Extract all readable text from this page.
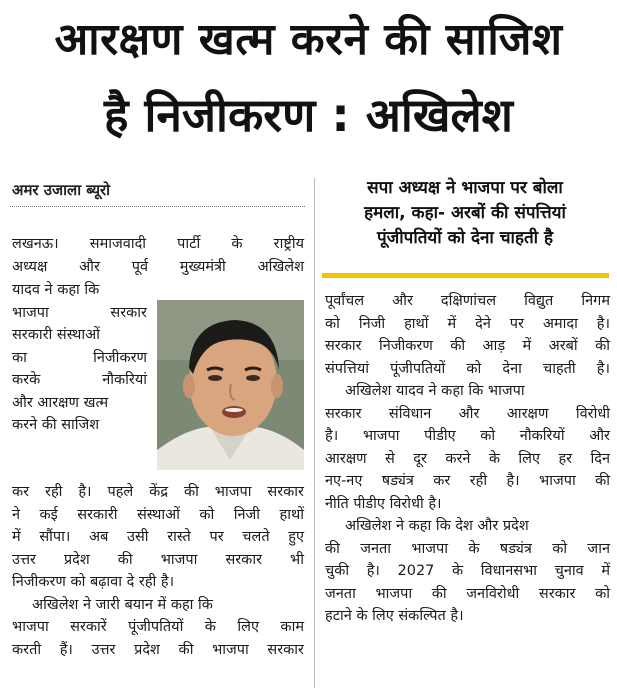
आरक्षण खत्म करने की साजिश
है निजीकरण : अखिलेश
अमर उजाला ब्यूरो	सपा अध्यक्ष ने भाजपा पर बोला
हमला, कहा- अरबों की संपत्तियां
पूंजीपतियों को देना चाहती है
लखनऊ। समाजवादी पार्टी के राष्ट्रीय
अध्यक्ष और पूर्व मुख्यमंत्री अखिलेश
यादव ने कहा कि
भाजपा सरकार
सरकारी संस्थाओं
का निजीकरण
करके नौकरियां
और आरक्षण खत्म
करने की साजिश
कर रही है। पहले केंद्र की भाजपा सरकार
ने कई सरकारी संस्थाओं को निजी हाथों
में सौंपा। अब उसी रास्ते पर चलते हुए
उत्तर प्रदेश की भाजपा सरकार भी
निजीकरण को बढ़ावा दे रही है।
अखिलेश ने जारी बयान में कहा कि
भाजपा सरकारें पूंजीपतियों के लिए काम
करती हैं। उत्तर प्रदेश की भाजपा सरकार
पूर्वांचल और दक्षिणांचल विद्युत निगम
को निजी हाथों में देने पर अमादा है।
सरकार निजीकरण की आड़ में अरबों की
संपत्तियां पूंजीपतियों को देना चाहती है।
अखिलेश यादव ने कहा कि भाजपा
सरकार संविधान और आरक्षण विरोधी
है। भाजपा पीडीए को नौकरियों और
आरक्षण से दूर करने के लिए हर दिन
नए-नए षड्यंत्र कर रही है। भाजपा की
नीति पीडीए विरोधी है।
अखिलेश ने कहा कि देश और प्रदेश
की जनता भाजपा के षड्यंत्र को जान
चुकी है। 2027 के विधानसभा चुनाव में
जनता भाजपा की जनविरोधी सरकार को
हटाने के लिए संकल्पित है।
